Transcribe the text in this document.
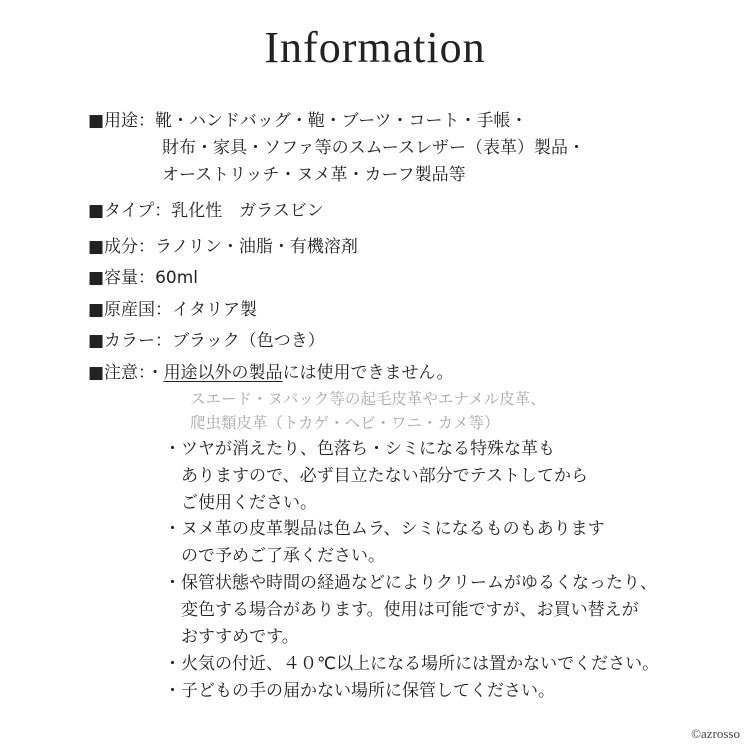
Information
■用途：靴・ハンドバッグ・鞄・ブーツ・コート・手帳・
財布・家具・ソファ等のスムースレザー（表革）製品・
オーストリッチ・ヌメ革・カーフ製品等
■タイプ：乳化性　ガラスビン
■成分：ラノリン・油脂・有機溶剤
■容量：60ml
■原産国：イタリア製
■カラー：ブラック（色つき）
■注意：・用途以外の製品には使用できません。
スエード・ヌバック等の起毛皮革やエナメル皮革、
爬虫類皮革（トカゲ・ヘビ・ワニ・カメ等）
・ツヤが消えたり、色落ち・シミになる特殊な革も
ありますので、必ず目立たない部分でテストしてから
ご使用ください。
・ヌメ革の皮革製品は色ムラ、シミになるものもあります
ので予めご了承ください。
・保管状態や時間の経過などによりクリームがゆるくなったり、
変色する場合があります。使用は可能ですが、お買い替えが
おすすめです。
・火気の付近、４０℃以上になる場所には置かないでください。
・子どもの手の届かない場所に保管してください。
©azrosso
